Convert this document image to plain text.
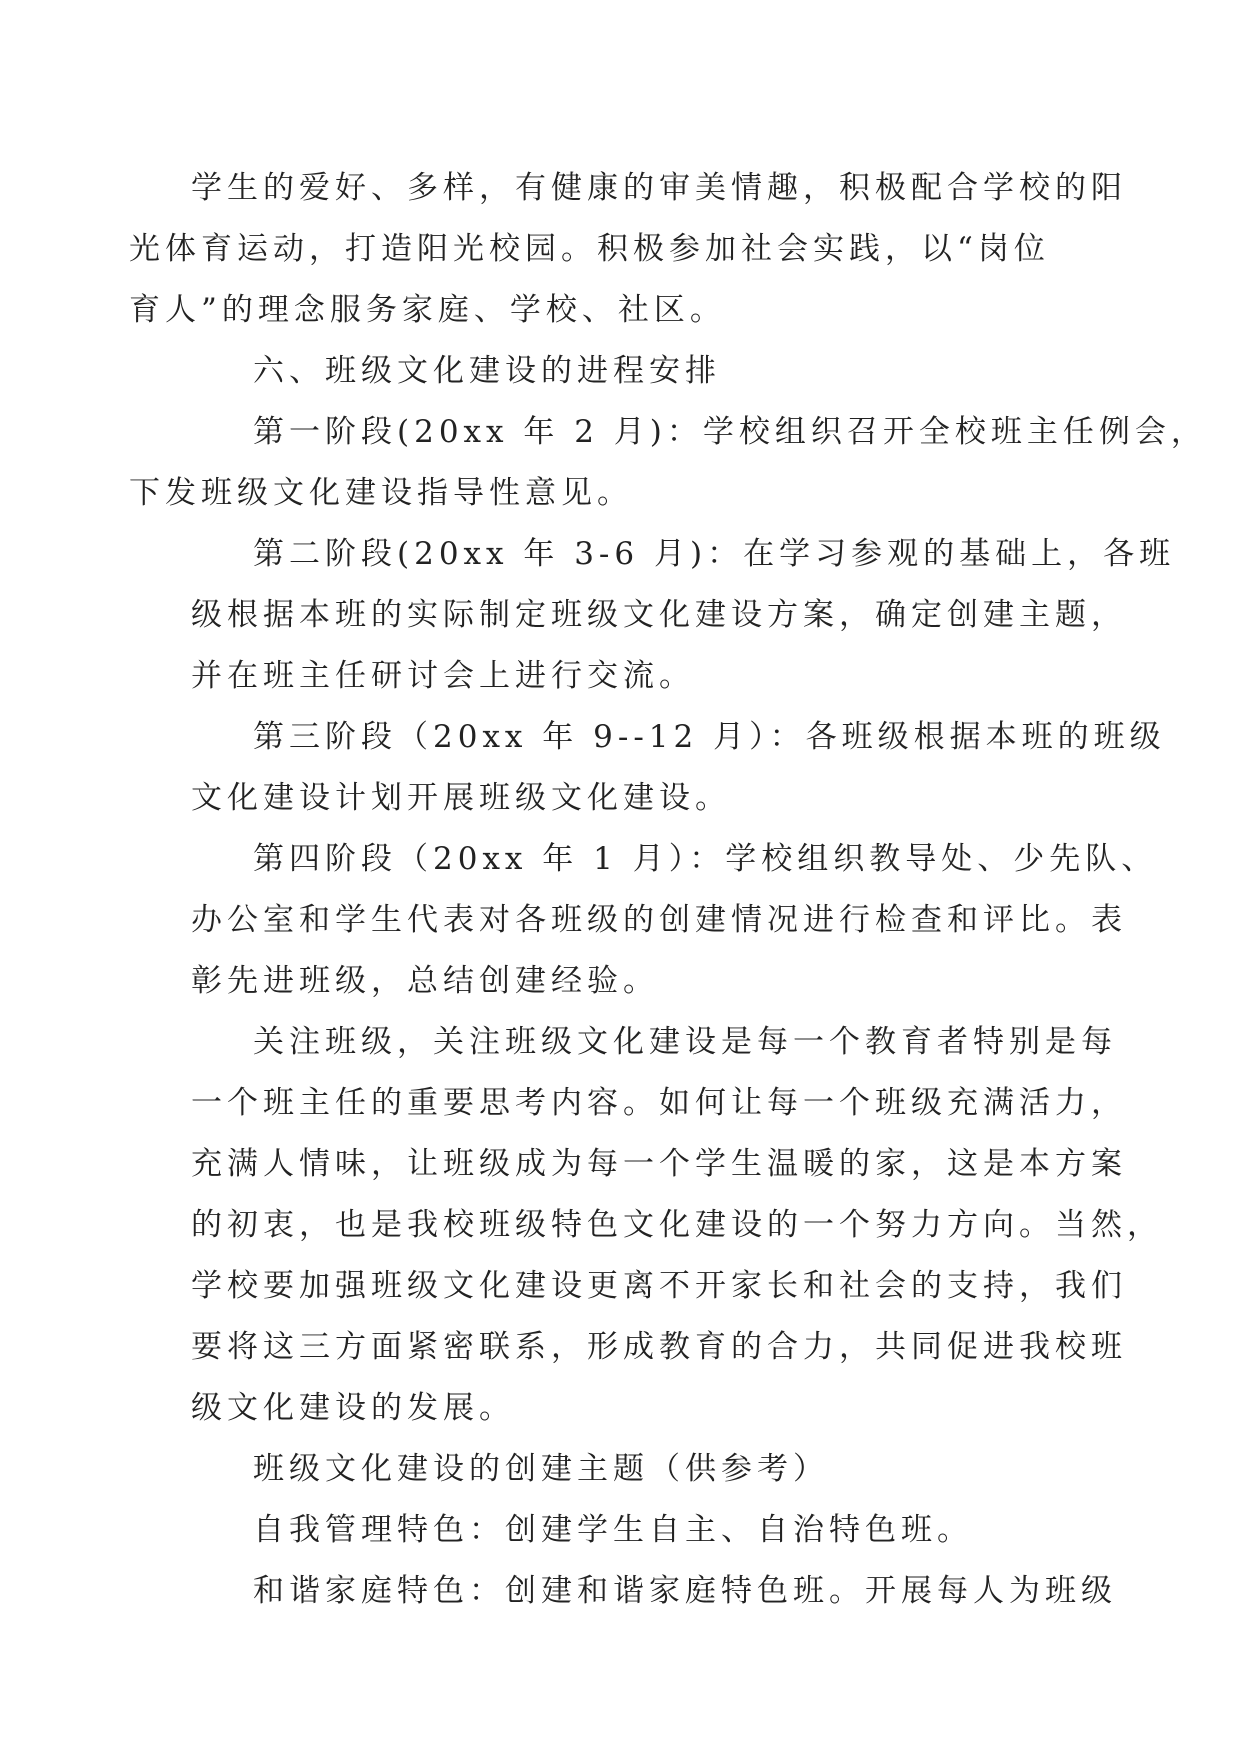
学生的爱好、多样，有健康的审美情趣，积极配合学校的阳
光体育运动，打造阳光校园。积极参加社会实践，以“岗位
育人”的理念服务家庭、学校、社区。

六、班级文化建设的进程安排

第一阶段(20xx 年 2 月)：学校组织召开全校班主任例会，
下发班级文化建设指导性意见。

第二阶段(20xx 年 3-6 月)：在学习参观的基础上，各班
级根据本班的实际制定班级文化建设方案，确定创建主题，
并在班主任研讨会上进行交流。

第三阶段（20xx 年 9--12 月）：各班级根据本班的班级
文化建设计划开展班级文化建设。

第四阶段（20xx 年 1 月）：学校组织教导处、少先队、
办公室和学生代表对各班级的创建情况进行检查和评比。表
彰先进班级，总结创建经验。

关注班级，关注班级文化建设是每一个教育者特别是每
一个班主任的重要思考内容。如何让每一个班级充满活力，
充满人情味，让班级成为每一个学生温暖的家，这是本方案
的初衷，也是我校班级特色文化建设的一个努力方向。当然，
学校要加强班级文化建设更离不开家长和社会的支持，我们
要将这三方面紧密联系，形成教育的合力，共同促进我校班
级文化建设的发展。

班级文化建设的创建主题（供参考）

自我管理特色：创建学生自主、自治特色班。

和谐家庭特色：创建和谐家庭特色班。开展每人为班级
